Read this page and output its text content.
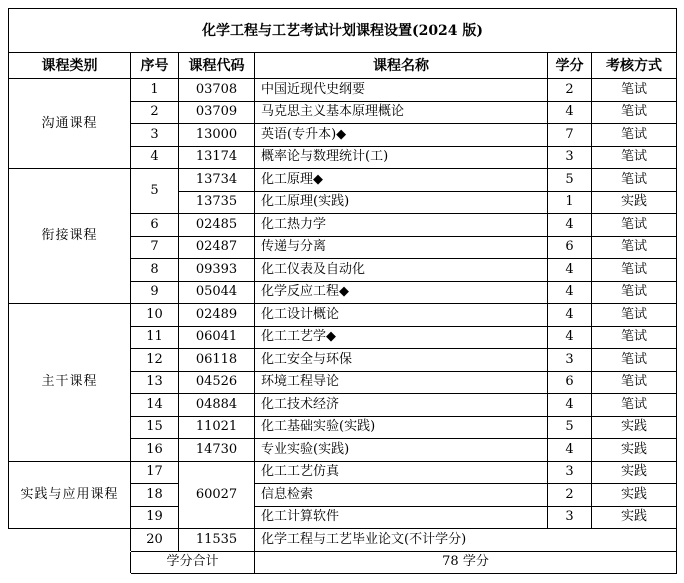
化学工程与工艺考试计划课程设置(2024 版)					
课程类别	序号	课程代码	课程名称	学分	考核方式
沟通课程	1	03708	中国近现代史纲要	2	笔试
	2	03709	马克思主义基本原理概论	4	笔试
	3	13000	英语(专升本)◆	7	笔试
	4	13174	概率论与数理统计(工)	3	笔试
衔接课程	5	13734	化工原理◆	5	笔试
		13735	化工原理(实践)	1	实践
	6	02485	化工热力学	4	笔试
	7	02487	传递与分离	6	笔试
	8	09393	化工仪表及自动化	4	笔试
	9	05044	化学反应工程◆	4	笔试
主干课程	10	02489	化工设计概论	4	笔试
	11	06041	化工工艺学◆	4	笔试
	12	06118	化工安全与环保	3	笔试
	13	04526	环境工程导论	6	笔试
	14	04884	化工技术经济	4	笔试
	15	11021	化工基础实验(实践)	5	实践
	16	14730	专业实验(实践)	4	实践
实践与应用课程	17	60027	化工工艺仿真	3	实践
	18		信息检索	2	实践
	19		化工计算软件	3	实践
	20	11535	化学工程与工艺毕业论文(不计学分)		
	学分合计		78 学分		
